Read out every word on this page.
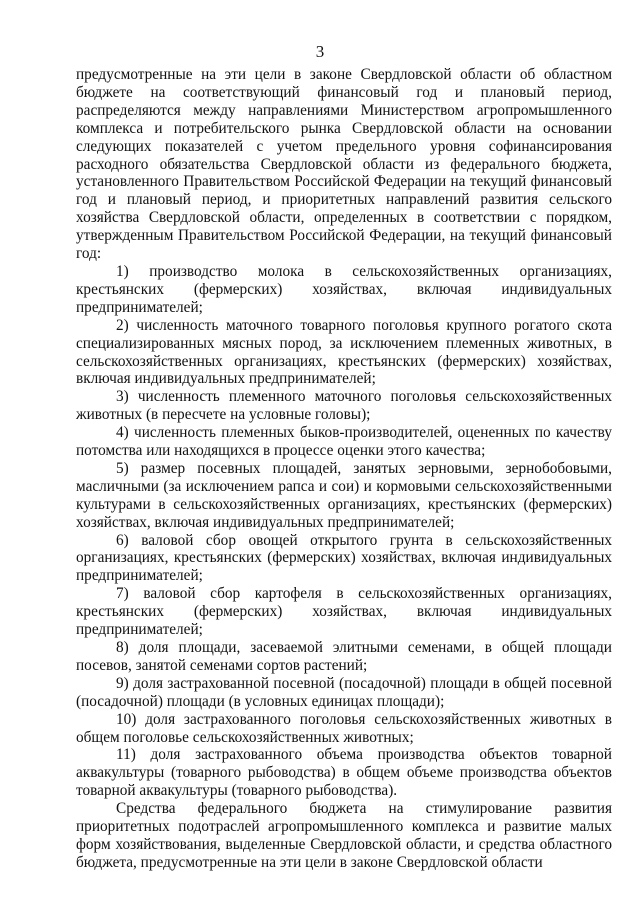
3

предусмотренные на эти цели в законе Свердловской области об областном бюджете на соответствующий финансовый год и плановый период, распределяются между направлениями Министерством агропромышленного комплекса и потребительского рынка Свердловской области на основании следующих показателей с учетом предельного уровня софинансирования расходного обязательства Свердловской области из федерального бюджета, установленного Правительством Российской Федерации на текущий финансовый год и плановый период, и приоритетных направлений развития сельского хозяйства Свердловской области, определенных в соответствии с порядком, утвержденным Правительством Российской Федерации, на текущий финансовый год:

1) производство молока в сельскохозяйственных организациях, крестьянских (фермерских) хозяйствах, включая индивидуальных предпринимателей;

2) численность маточного товарного поголовья крупного рогатого скота специализированных мясных пород, за исключением племенных животных, в сельскохозяйственных организациях, крестьянских (фермерских) хозяйствах, включая индивидуальных предпринимателей;

3) численность племенного маточного поголовья сельскохозяйственных животных (в пересчете на условные головы);

4) численность племенных быков-производителей, оцененных по качеству потомства или находящихся в процессе оценки этого качества;

5) размер посевных площадей, занятых зерновыми, зернобобовыми, масличными (за исключением рапса и сои) и кормовыми сельскохозяйственными культурами в сельскохозяйственных организациях, крестьянских (фермерских) хозяйствах, включая индивидуальных предпринимателей;

6) валовой сбор овощей открытого грунта в сельскохозяйственных организациях, крестьянских (фермерских) хозяйствах, включая индивидуальных предпринимателей;

7) валовой сбор картофеля в сельскохозяйственных организациях, крестьянских (фермерских) хозяйствах, включая индивидуальных предпринимателей;

8) доля площади, засеваемой элитными семенами, в общей площади посевов, занятой семенами сортов растений;

9) доля застрахованной посевной (посадочной) площади в общей посевной (посадочной) площади (в условных единицах площади);

10) доля застрахованного поголовья сельскохозяйственных животных в общем поголовье сельскохозяйственных животных;

11) доля застрахованного объема производства объектов товарной аквакультуры (товарного рыбоводства) в общем объеме производства объектов товарной аквакультуры (товарного рыбоводства).

Средства федерального бюджета на стимулирование развития приоритетных подотраслей агропромышленного комплекса и развитие малых форм хозяйствования, выделенные Свердловской области, и средства областного бюджета, предусмотренные на эти цели в законе Свердловской области
